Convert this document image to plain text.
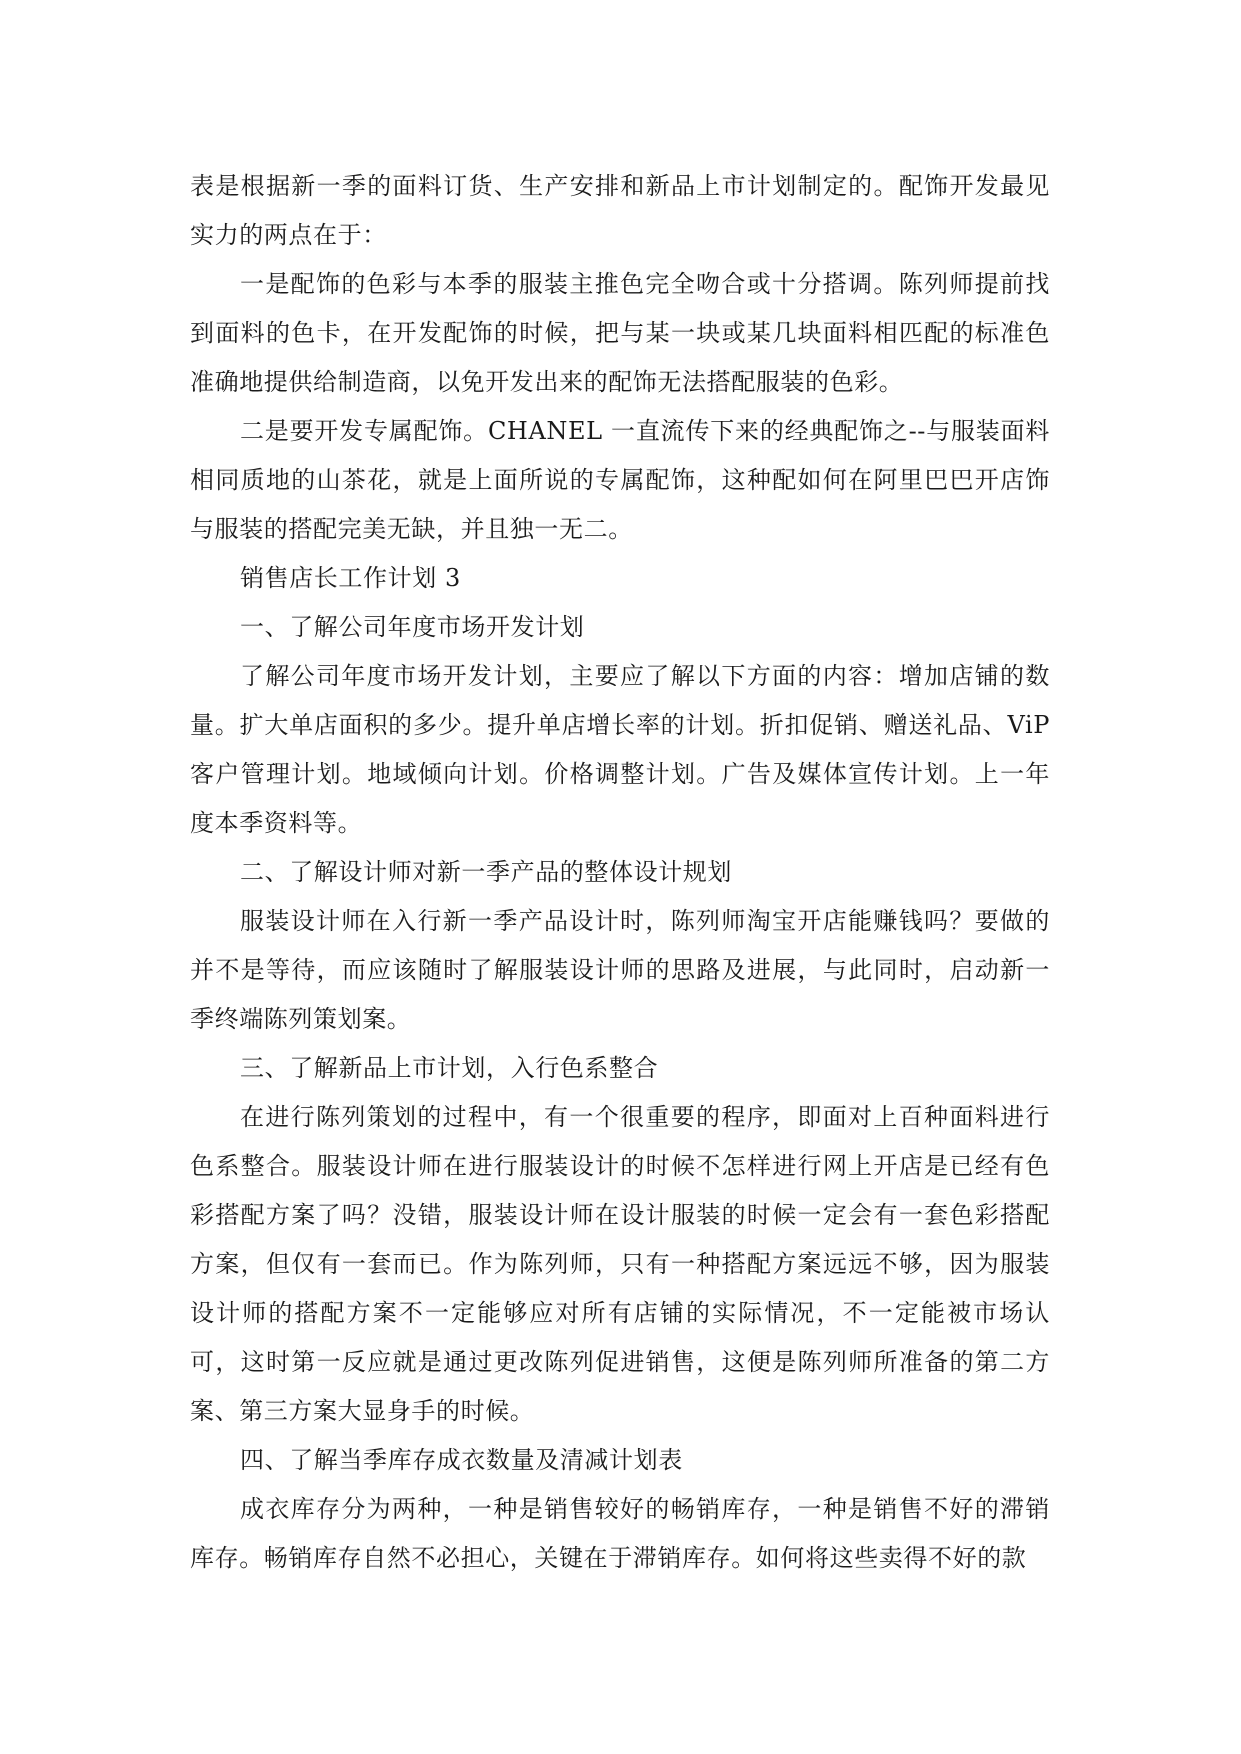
表是根据新一季的面料订货、生产安排和新品上市计划制定的。配饰开发最见实力的两点在于：

一是配饰的色彩与本季的服装主推色完全吻合或十分搭调。陈列师提前找到面料的色卡，在开发配饰的时候，把与某一块或某几块面料相匹配的标准色准确地提供给制造商，以免开发出来的配饰无法搭配服装的色彩。

二是要开发专属配饰。CHANEL 一直流传下来的经典配饰之--与服装面料相同质地的山茶花，就是上面所说的专属配饰，这种配如何在阿里巴巴开店饰与服装的搭配完美无缺，并且独一无二。

销售店长工作计划 3

一、了解公司年度市场开发计划

了解公司年度市场开发计划，主要应了解以下方面的内容：增加店铺的数量。扩大单店面积的多少。提升单店增长率的计划。折扣促销、赠送礼品、ViP 客户管理计划。地域倾向计划。价格调整计划。广告及媒体宣传计划。上一年度本季资料等。

二、了解设计师对新一季产品的整体设计规划

服装设计师在入行新一季产品设计时，陈列师淘宝开店能赚钱吗？要做的并不是等待，而应该随时了解服装设计师的思路及进展，与此同时，启动新一季终端陈列策划案。

三、了解新品上市计划，入行色系整合

在进行陈列策划的过程中，有一个很重要的程序，即面对上百种面料进行色系整合。服装设计师在进行服装设计的时候不怎样进行网上开店是已经有色彩搭配方案了吗？没错，服装设计师在设计服装的时候一定会有一套色彩搭配方案，但仅有一套而已。作为陈列师，只有一种搭配方案远远不够，因为服装设计师的搭配方案不一定能够应对所有店铺的实际情况，不一定能被市场认可，这时第一反应就是通过更改陈列促进销售，这便是陈列师所准备的第二方案、第三方案大显身手的时候。

四、了解当季库存成衣数量及清减计划表

成衣库存分为两种，一种是销售较好的畅销库存，一种是销售不好的滞销库存。畅销库存自然不必担心，关键在于滞销库存。如何将这些卖得不好的款
